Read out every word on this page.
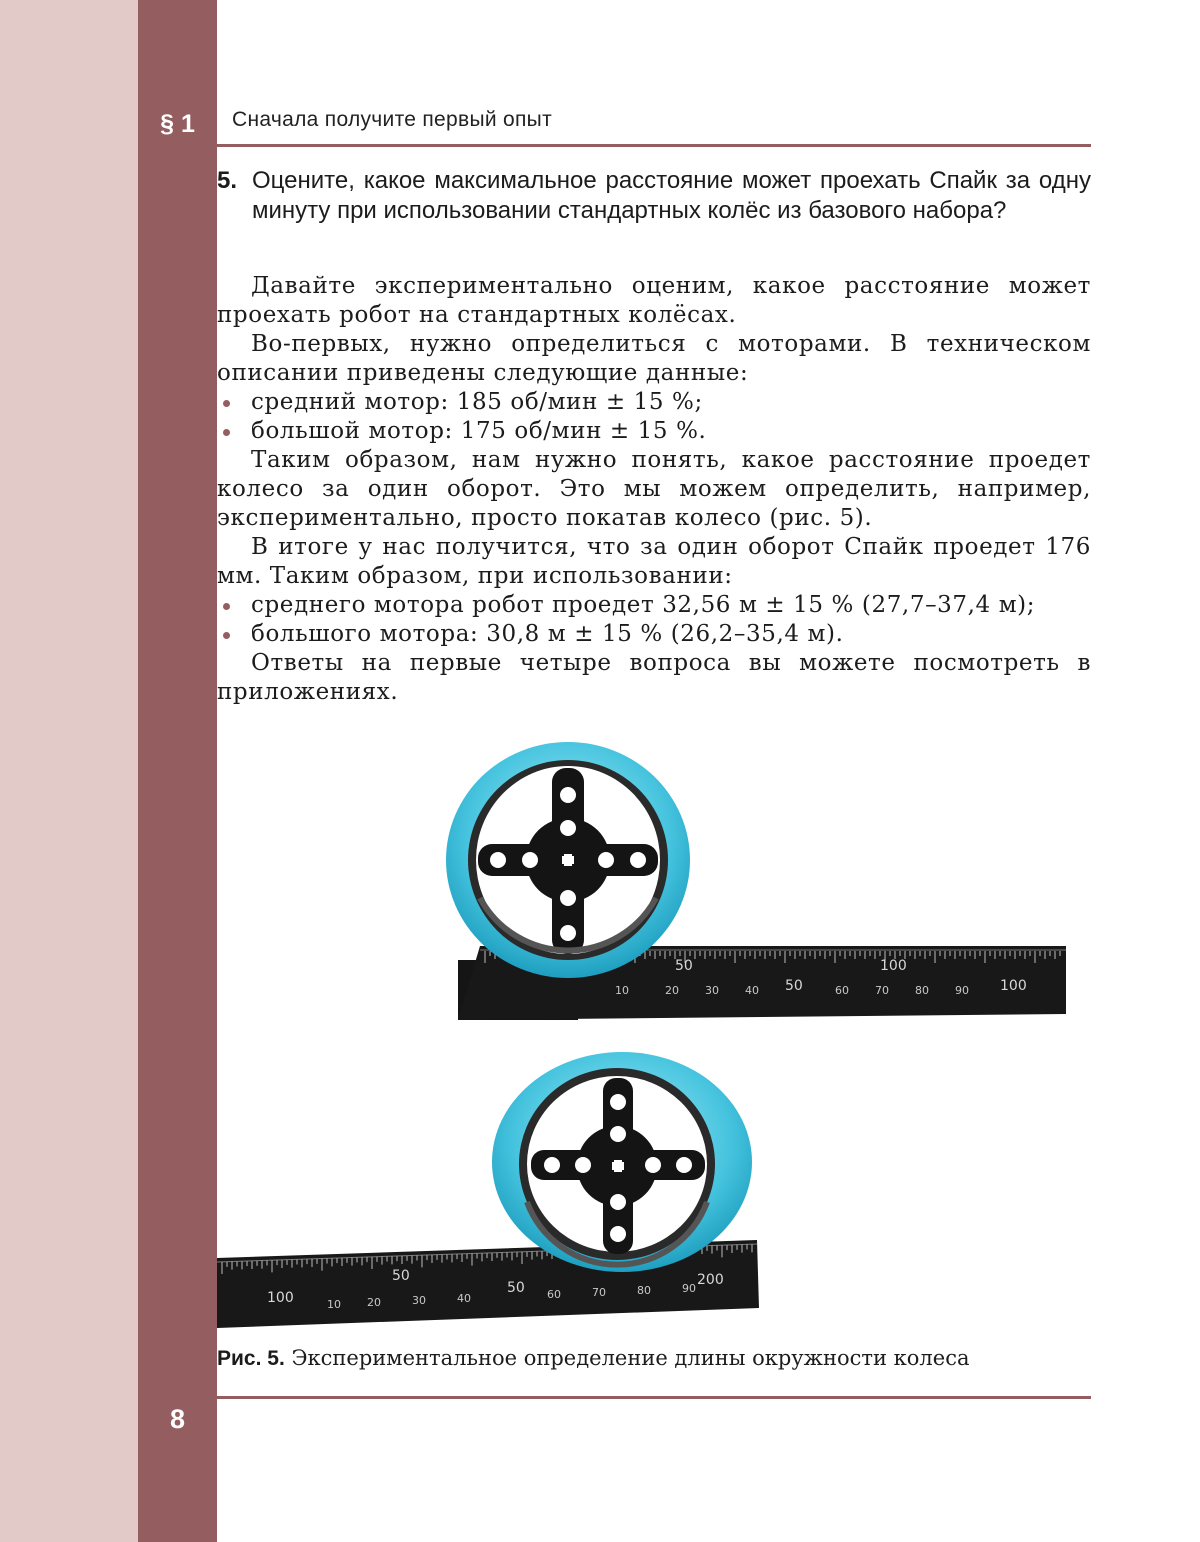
§ 1	Сначала получите первый опыт
5. Оцените, какое максимальное расстояние может проехать Спайк за одну минуту при использовании стандартных колёс из базового набора?

Давайте экспериментально оценим, какое расстояние может проехать робот на стандартных колёсах.

Во-первых, нужно определиться с моторами. В техническом описании приведены следующие данные:

средний мотор: 185 об/мин ± 15 %;

большой мотор: 175 об/мин ± 15 %.

Таким образом, нам нужно понять, какое расстояние проедет колесо за один оборот. Это мы можем определить, например, экспериментально, просто покатав колесо (рис. 5).

В итоге у нас получится, что за один оборот Спайк проедет 176 мм. Таким образом, при использовании:

среднего мотора робот проедет 32,56 м ± 15 % (27,7–37,4 м);

большого мотора: 30,8 м ± 15 % (26,2–35,4 м).

Ответы на первые четыре вопроса вы можете посмотреть в приложениях.

50	100
50	100
10	20 30 40	60 70 80 90
50
100
50	200
10 20	30	40	60	70	80	90
Рис. 5. Экспериментальное определение длины окружности колеса
8
